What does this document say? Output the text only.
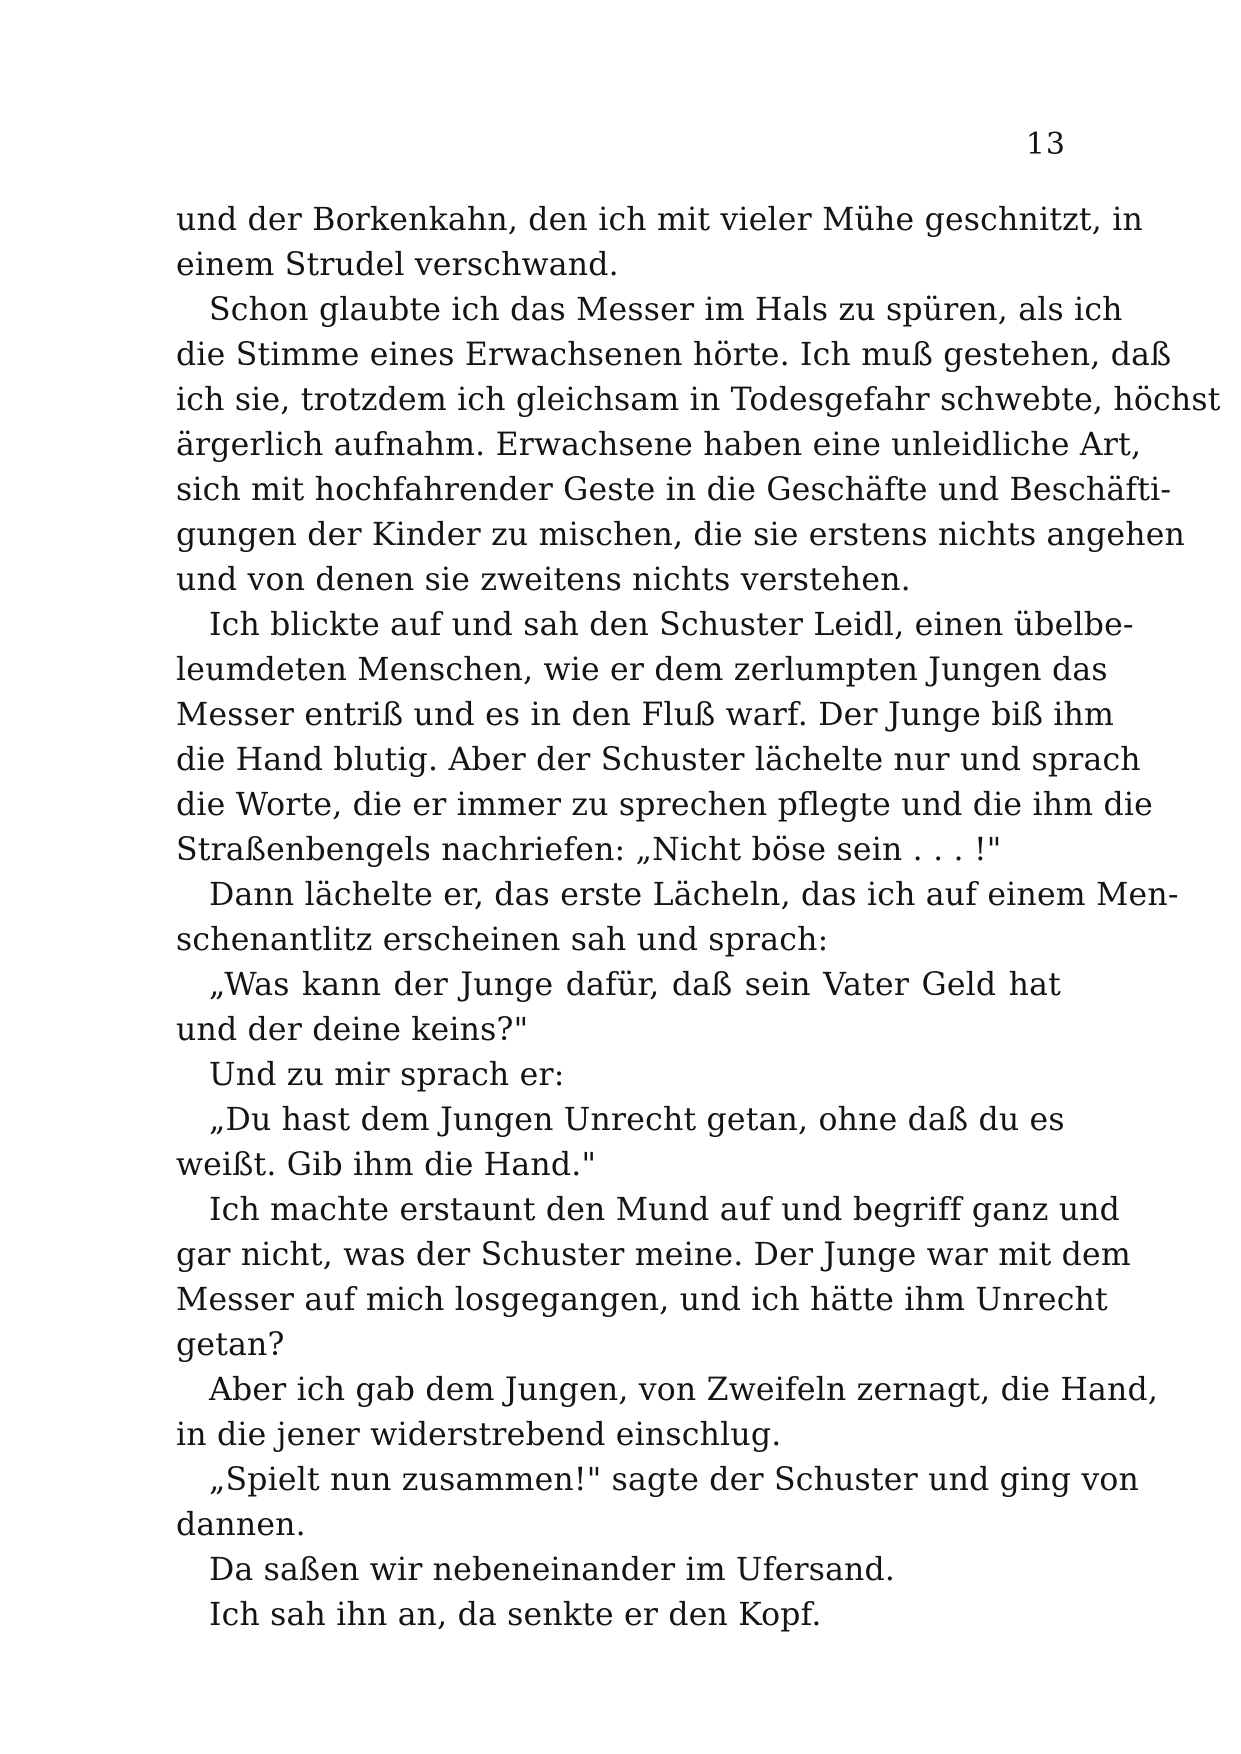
13
und der Borkenkahn, den ich mit vieler Mühe geschnitzt, in
einem Strudel verschwand.
Schon glaubte ich das Messer im Hals zu spüren, als ich
die Stimme eines Erwachsenen hörte. Ich muß gestehen, daß
ich sie, trotzdem ich gleichsam in Todesgefahr schwebte, höchst
ärgerlich aufnahm. Erwachsene haben eine unleidliche Art,
sich mit hochfahrender Geste in die Geschäfte und Beschäfti-
gungen der Kinder zu mischen, die sie erstens nichts angehen
und von denen sie zweitens nichts verstehen.
Ich blickte auf und sah den Schuster Leidl, einen übelbe-
leumdeten Menschen, wie er dem zerlumpten Jungen das
Messer entriß und es in den Fluß warf. Der Junge biß ihm
die Hand blutig. Aber der Schuster lächelte nur und sprach
die Worte, die er immer zu sprechen pflegte und die ihm die
Straßenbengels nachriefen: „Nicht böse sein . . . !"
Dann lächelte er, das erste Lächeln, das ich auf einem Men-
schenantlitz erscheinen sah und sprach:
„Was kann der Junge dafür, daß sein Vater Geld hat
und der deine keins?"
Und zu mir sprach er:
„Du hast dem Jungen Unrecht getan, ohne daß du es
weißt. Gib ihm die Hand."
Ich machte erstaunt den Mund auf und begriff ganz und
gar nicht, was der Schuster meine. Der Junge war mit dem
Messer auf mich losgegangen, und ich hätte ihm Unrecht
getan?
Aber ich gab dem Jungen, von Zweifeln zernagt, die Hand,
in die jener widerstrebend einschlug.
„Spielt nun zusammen!" sagte der Schuster und ging von
dannen.
Da saßen wir nebeneinander im Ufersand.
Ich sah ihn an, da senkte er den Kopf.
